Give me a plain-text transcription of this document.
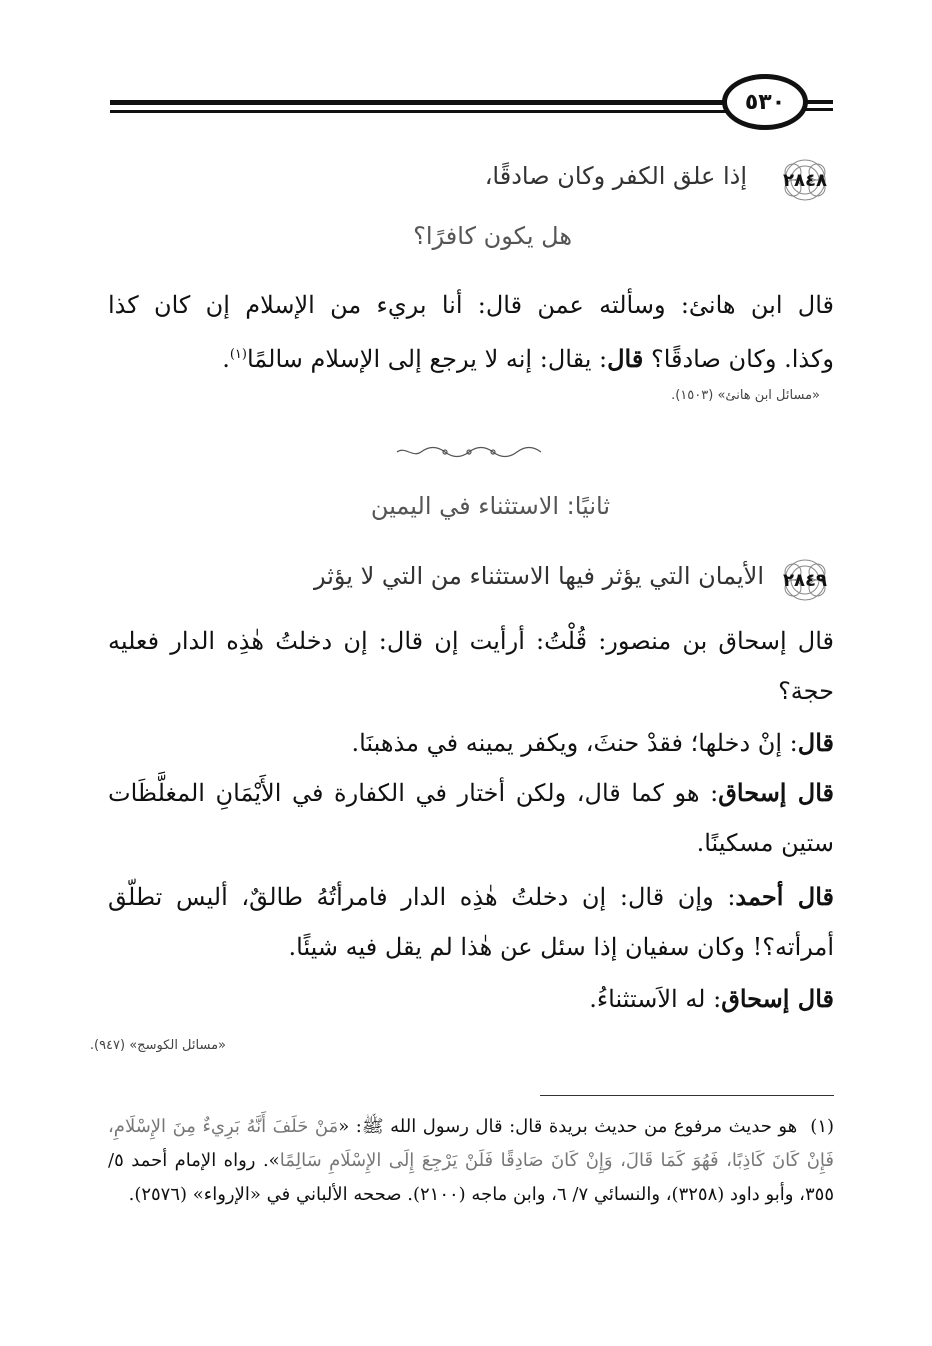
٥٣٠
٢٨٤٨
إذا علق الكفر وكان صادقًا،
هل يكون كافرًا؟
قال ابن هانئ: وسألته عمن قال: أنا بريء من الإسلام إن كان كذا
وكذا. وكان صادقًا؟ قال: يقال: إنه لا يرجع إلى الإسلام سالمًا$^{(١)}$.
«مسائل ابن هانئ» (١٥٠٣).
ثانيًا: الاستثناء في اليمين
٢٨٤٩
الأيمان التي يؤثر فيها الاستثناء من التي لا يؤثر
قال إسحاق بن منصور: قُلْتُ: أرأيت إن قال: إن دخلتُ هٰذِه الدار فعليه حجة؟
قال: إنْ دخلها؛ فقدْ حنثَ، ويكفر يمينه في مذهبنَا.
قال إسحاق: هو كما قال، ولكن أختار في الكفارة في الأَيْمَانِ المغلَّظَات ستين مسكينًا.
قال أحمد: وإن قال: إن دخلتُ هٰذِه الدار فامرأتُهُ طالقٌ، أليس تطلّق أمرأته؟! وكان سفيان إذا سئل عن هٰذا لم يقل فيه شيئًا.
قال إسحاق: له الاَستثناءُ.
«مسائل الكوسج» (٩٤٧).
(١)  هو حديث مرفوع من حديث بريدة قال: قال رسول الله ﷺ: «مَنْ حَلَفَ أَنَّهُ بَرِيءٌ مِنَ الإِسْلَامِ، فَإِنْ كَانَ كَاذِبًا، فَهُوَ كَمَا قَالَ، وَإِنْ كَانَ صَادِقًا فَلَنْ يَرْجِعَ إِلَى الإِسْلَامِ سَالِمًا». رواه الإمام أحمد ٥/ ٣٥٥، وأبو داود (٣٢٥٨)، والنسائي ٧/ ٦، وابن ماجه (٢١٠٠). صححه الألباني في «الإرواء» (٢٥٧٦).
